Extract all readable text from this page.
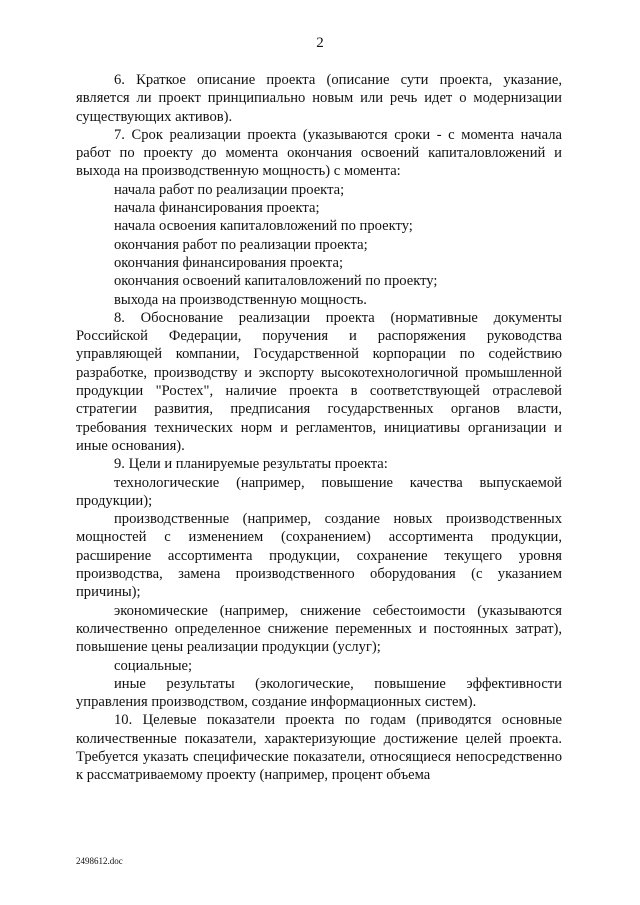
2

6. Краткое описание проекта (описание сути проекта, указание, является ли проект принципиально новым или речь идет о модернизации существующих активов).

7. Срок реализации проекта (указываются сроки - с момента начала работ по проекту до момента окончания освоений капиталовложений и выхода на производственную мощность) с момента:

начала работ по реализации проекта;

начала финансирования проекта;

начала освоения капиталовложений по проекту;

окончания работ по реализации проекта;

окончания финансирования проекта;

окончания освоений капиталовложений по проекту;

выхода на производственную мощность.

8. Обоснование реализации проекта (нормативные документы Российской Федерации, поручения и распоряжения руководства управляющей компании, Государственной корпорации по содействию разработке, производству и экспорту высокотехнологичной промышленной продукции "Ростех", наличие проекта в соответствующей отраслевой стратегии развития, предписания государственных органов власти, требования технических норм и регламентов, инициативы организации и иные основания).

9. Цели и планируемые результаты проекта:

технологические (например, повышение качества выпускаемой продукции);

производственные (например, создание новых производственных мощностей с изменением (сохранением) ассортимента продукции, расширение ассортимента продукции, сохранение текущего уровня производства, замена производственного оборудования (с указанием причины);

экономические (например, снижение себестоимости (указываются количественно определенное снижение переменных и постоянных затрат), повышение цены реализации продукции (услуг);

социальные;

иные результаты (экологические, повышение эффективности управления производством, создание информационных систем).

10. Целевые показатели проекта по годам (приводятся основные количественные показатели, характеризующие достижение целей проекта. Требуется указать специфические показатели, относящиеся непосредственно к рассматриваемому проекту (например, процент объема

2498612.doc
